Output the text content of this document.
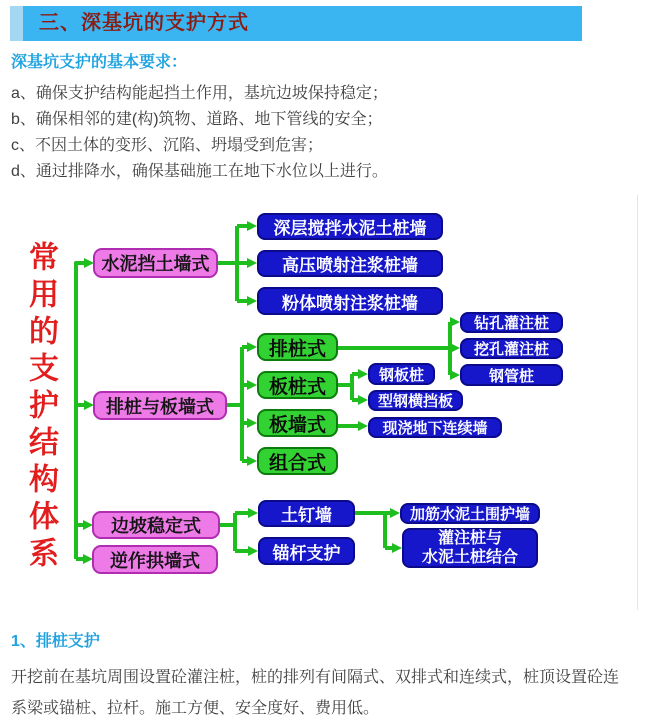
三、深基坑的支护方式
深基坑支护的基本要求：
a、确保支护结构能起挡土作用，基坑边坡保持稳定；
b、确保相邻的建(构)筑物、道路、地下管线的安全；
c、不因土体的变形、沉陷、坍塌受到危害；
d、通过排降水，确保基础施工在地下水位以上进行。
常用的支护结构体系	水泥挡土墙式
排桩与板墙式
边坡稳定式
逆作拱墙式
深层搅拌水泥土桩墙
高压喷射注浆桩墙
粉体喷射注浆桩墙
排桩式
板桩式
板墙式
组合式
钻孔灌注桩
挖孔灌注桩
钢管桩
钢板桩
型钢横挡板
现浇地下连续墙
土钉墙
锚杆支护
加筋水泥土围护墙
灌注桩与
水泥土桩结合
1、排桩支护
开挖前在基坑周围设置砼灌注桩，桩的排列有间隔式、双排式和连续式，桩顶设置砼连系梁或锚桩、拉杆。施工方便、安全度好、费用低。
